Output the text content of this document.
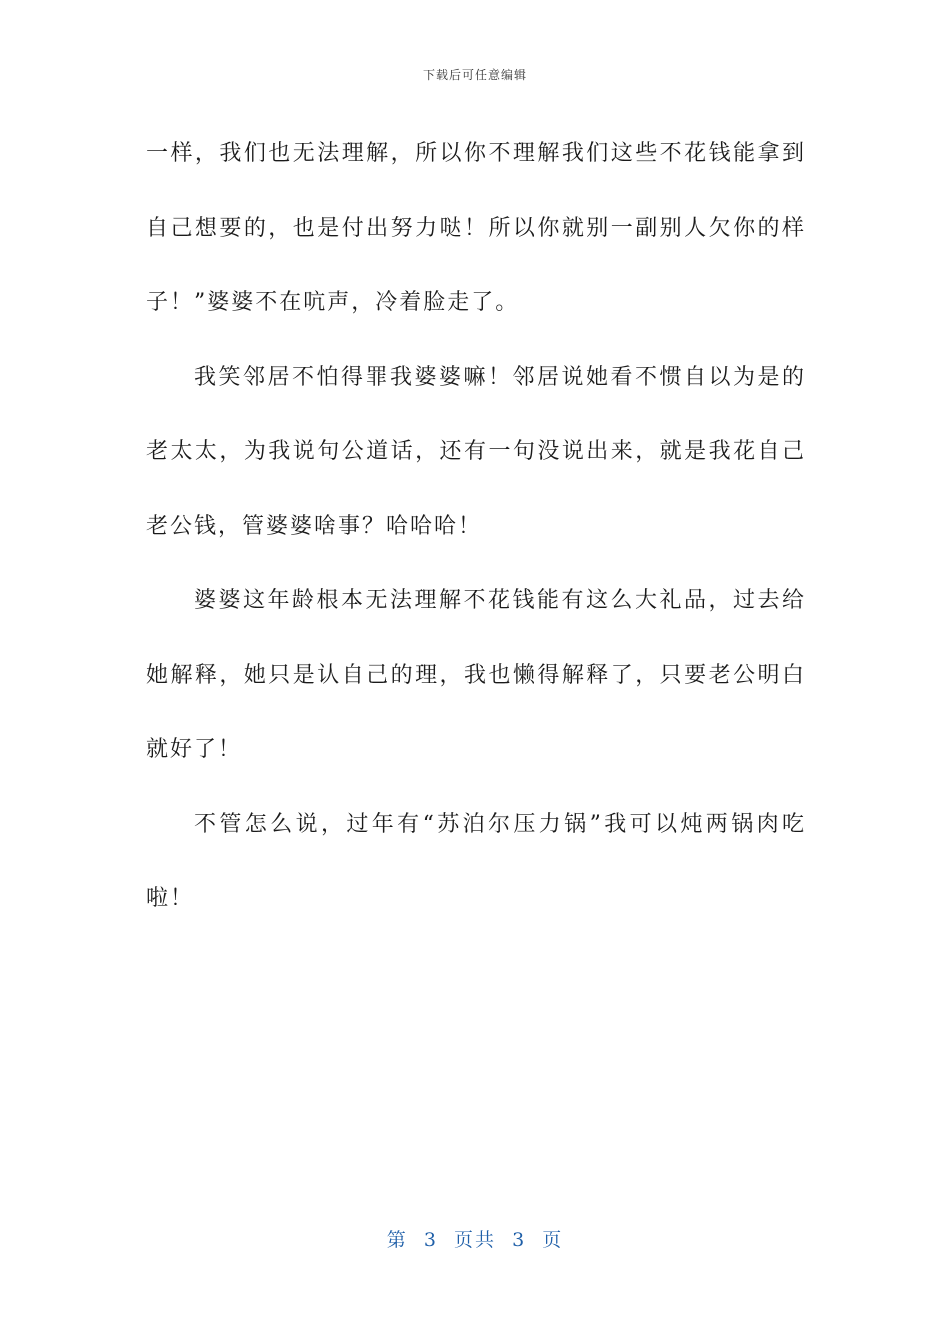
下载后可任意编辑

一样，我们也无法理解，所以你不理解我们这些不花钱能拿到自己想要的，也是付出努力哒！所以你就别一副别人欠你的样子！”婆婆不在吭声，冷着脸走了。

我笑邻居不怕得罪我婆婆嘛！邻居说她看不惯自以为是的老太太，为我说句公道话，还有一句没说出来，就是我花自己老公钱，管婆婆啥事？哈哈哈！

婆婆这年龄根本无法理解不花钱能有这么大礼品，过去给她解释，她只是认自己的理，我也懒得解释了，只要老公明白就好了！

不管怎么说，过年有“苏泊尔压力锅”我可以炖两锅肉吃啦！

第  3  页共  3  页
